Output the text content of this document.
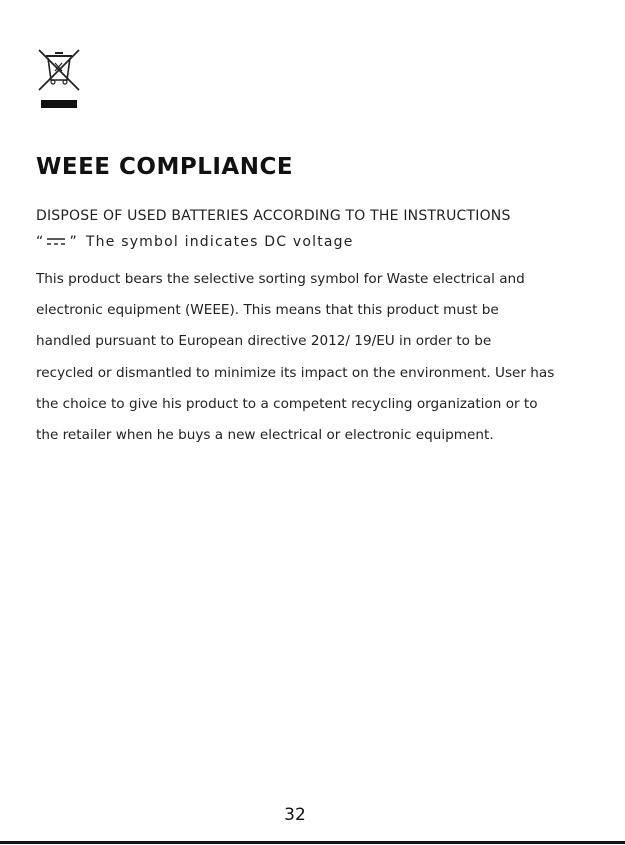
WEEE COMPLIANCE
DISPOSE OF USED BATTERIES ACCORDING TO THE INSTRUCTIONS
“ ” The symbol indicates DC voltage

This product bears the selective sorting symbol for Waste electrical and
electronic equipment (WEEE). This means that this product must be
handled pursuant to European directive 2012/ 19/EU in order to be
recycled or dismantled to minimize its impact on the environment. User has
the choice to give his product to a competent recycling organization or to
the retailer when he buys a new electrical or electronic equipment.

32
